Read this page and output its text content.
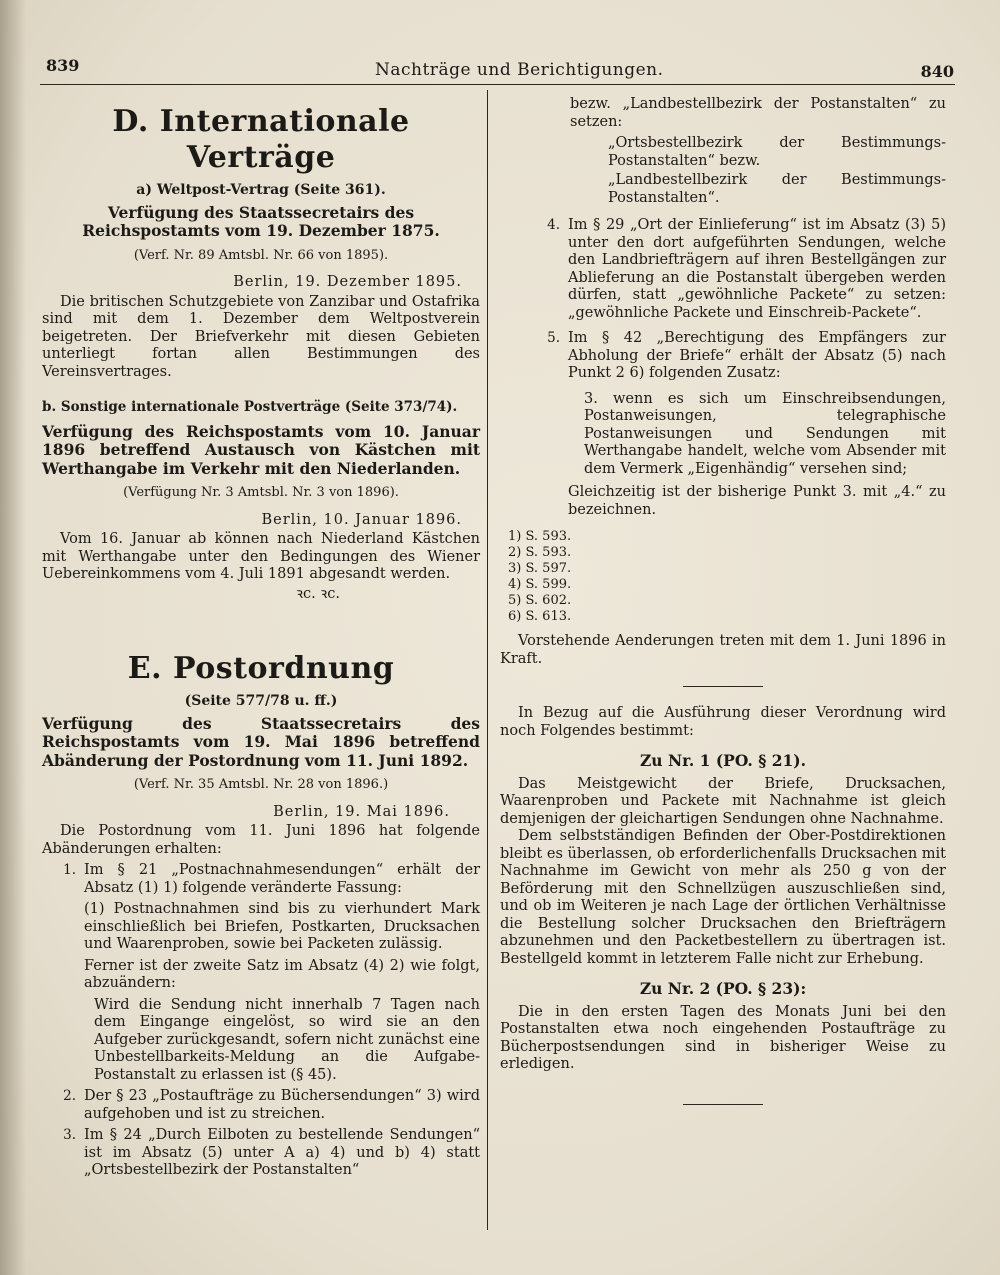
839	Nachträge und Berichtigungen.	840
D. Internationale Verträge
a) Weltpost-Vertrag (Seite 361).
Verfügung des Staatssecretairs des Reichspostamts vom 19. Dezember 1875.
(Verf. Nr. 89 Amtsbl. Nr. 66 von 1895).
Berlin, 19. Dezember 1895.

Die britischen Schutzgebiete von Zanzibar und Ostafrika sind mit dem 1. Dezember dem Weltpostverein beigetreten. Der Briefverkehr mit diesen Gebieten unterliegt fortan allen Bestimmungen des Vereinsvertrages.

b. Sonstige internationale Postverträge (Seite 373/74).
Verfügung des Reichspostamts vom 10. Januar 1896 betreffend Austausch von Kästchen mit Werthangabe im Verkehr mit den Niederlanden.
(Verfügung Nr. 3 Amtsbl. Nr. 3 von 1896).
Berlin, 10. Januar 1896.

Vom 16. Januar ab können nach Niederland Kästchen mit Werthangabe unter den Bedingungen des Wiener Uebereinkommens vom 4. Juli 1891 abgesandt werden.

ꝛc. ꝛc.
E. Postordnung
(Seite 577/78 u. ff.)
Verfügung des Staatssecretairs des Reichspostamts vom 19. Mai 1896 betreffend Abänderung der Postordnung vom 11. Juni 1892.
(Verf. Nr. 35 Amtsbl. Nr. 28 von 1896.)
Berlin, 19. Mai 1896.

Die Postordnung vom 11. Juni 1896 hat folgende Abänderungen erhalten:

1. Im § 21 „Postnachnahmesendungen“ erhält der Absatz (1) 1) folgende veränderte Fassung:
(1) Postnachnahmen sind bis zu vierhundert Mark einschließlich bei Briefen, Postkarten, Drucksachen und Waarenproben, sowie bei Packeten zulässig.
Ferner ist der zweite Satz im Absatz (4) 2) wie folgt, abzuändern:
Wird die Sendung nicht innerhalb 7 Tagen nach dem Eingange eingelöst, so wird sie an den Aufgeber zurückgesandt, sofern nicht zunächst eine Unbestellbarkeits-Meldung an die Aufgabe-Postanstalt zu erlassen ist (§ 45).
2. Der § 23 „Postaufträge zu Büchersendungen“ 3) wird aufgehoben und ist zu streichen.
3. Im § 24 „Durch Eilboten zu bestellende Sendungen“ ist im Absatz (5) unter A a) 4) und b) 4) statt „Ortsbestellbezirk der Postanstalten“
bezw. „Landbestellbezirk der Postanstalten“ zu setzen:
„Ortsbestellbezirk der Bestimmungs-Postanstalten“ bezw.
„Landbestellbezirk der Bestimmungs-Postanstalten“.
4. Im § 29 „Ort der Einlieferung“ ist im Absatz (3) 5) unter den dort aufgeführten Sendungen, welche den Landbriefträgern auf ihren Bestellgängen zur Ablieferung an die Postanstalt übergeben werden dürfen, statt „gewöhnliche Packete“ zu setzen: „gewöhnliche Packete und Einschreib-Packete“.
5. Im § 42 „Berechtigung des Empfängers zur Abholung der Briefe“ erhält der Absatz (5) nach Punkt 2 6) folgenden Zusatz:
3. wenn es sich um Einschreibsendungen, Postanweisungen, telegraphische Postanweisungen und Sendungen mit Werthangabe handelt, welche vom Absender mit dem Vermerk „Eigenhändig“ versehen sind;
Gleichzeitig ist der bisherige Punkt 3. mit „4.“ zu bezeichnen.
1) S. 593.
2) S. 593.
3) S. 597.
4) S. 599.
5) S. 602.
6) S. 613.

Vorstehende Aenderungen treten mit dem 1. Juni 1896 in Kraft.

In Bezug auf die Ausführung dieser Verordnung wird noch Folgendes bestimmt:

Zu Nr. 1 (PO. § 21).

Das Meistgewicht der Briefe, Drucksachen, Waarenproben und Packete mit Nachnahme ist gleich demjenigen der gleichartigen Sendungen ohne Nachnahme.

Dem selbstständigen Befinden der Ober-Postdirektionen bleibt es überlassen, ob erforderlichenfalls Drucksachen mit Nachnahme im Gewicht von mehr als 250 g von der Beförderung mit den Schnellzügen auszuschließen sind, und ob im Weiteren je nach Lage der örtlichen Verhältnisse die Bestellung solcher Drucksachen den Briefträgern abzunehmen und den Packetbestellern zu übertragen ist. Bestellgeld kommt in letzterem Falle nicht zur Erhebung.

Zu Nr. 2 (PO. § 23):

Die in den ersten Tagen des Monats Juni bei den Postanstalten etwa noch eingehenden Postaufträge zu Bücherpostsendungen sind in bisheriger Weise zu erledigen.
